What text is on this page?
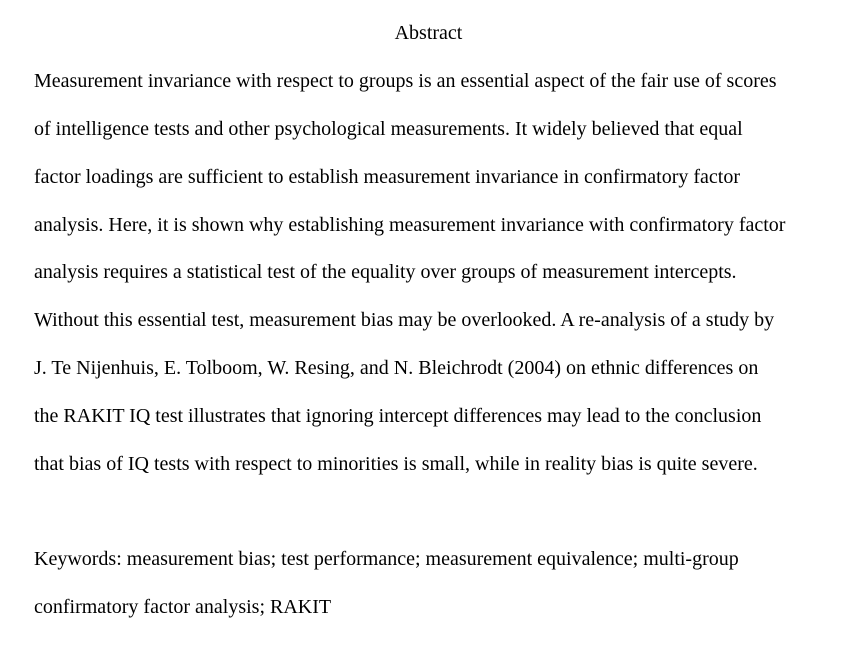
Abstract

Measurement invariance with respect to groups is an essential aspect of the fair use of scores

of intelligence tests and other psychological measurements. It widely believed that equal

factor loadings are sufficient to establish measurement invariance in confirmatory factor

analysis. Here, it is shown why establishing measurement invariance with confirmatory factor

analysis requires a statistical test of the equality over groups of measurement intercepts.

Without this essential test, measurement bias may be overlooked. A re-analysis of a study by

J. Te Nijenhuis, E. Tolboom, W. Resing, and N. Bleichrodt (2004) on ethnic differences on

the RAKIT IQ test illustrates that ignoring intercept differences may lead to the conclusion

that bias of IQ tests with respect to minorities is small, while in reality bias is quite severe.

Keywords: measurement bias; test performance; measurement equivalence; multi-group

confirmatory factor analysis; RAKIT
